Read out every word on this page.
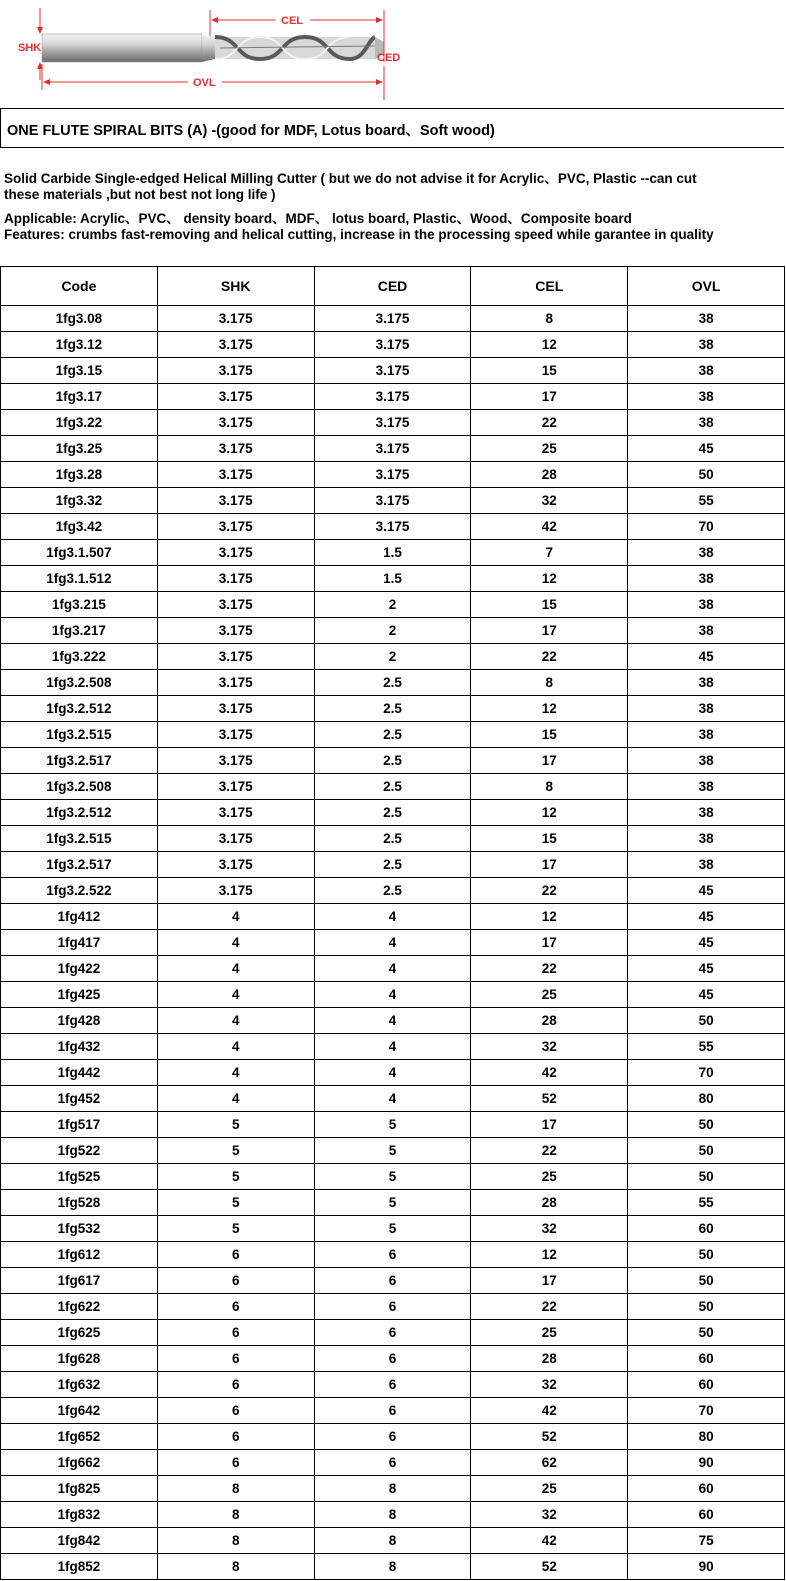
CEL
SHK
CED
OVL
ONE FLUTE SPIRAL BITS (A) -(good for MDF, Lotus board、Soft wood)
Solid Carbide Single-edged Helical Milling Cutter ( but we do not advise it for Acrylic、PVC, Plastic --can cut
these materials ,but not best not long life )
Applicable: Acrylic、PVC、 density board、MDF、 lotus board, Plastic、Wood、Composite board
Features: crumbs fast-removing and helical cutting, increase in the processing speed while garantee in quality
Code	SHK	CED	CEL	OVL
1fg3.08	3.175	3.175	8	38
1fg3.12	3.175	3.175	12	38
1fg3.15	3.175	3.175	15	38
1fg3.17	3.175	3.175	17	38
1fg3.22	3.175	3.175	22	38
1fg3.25	3.175	3.175	25	45
1fg3.28	3.175	3.175	28	50
1fg3.32	3.175	3.175	32	55
1fg3.42	3.175	3.175	42	70
1fg3.1.507	3.175	1.5	7	38
1fg3.1.512	3.175	1.5	12	38
1fg3.215	3.175	2	15	38
1fg3.217	3.175	2	17	38
1fg3.222	3.175	2	22	45
1fg3.2.508	3.175	2.5	8	38
1fg3.2.512	3.175	2.5	12	38
1fg3.2.515	3.175	2.5	15	38
1fg3.2.517	3.175	2.5	17	38
1fg3.2.508	3.175	2.5	8	38
1fg3.2.512	3.175	2.5	12	38
1fg3.2.515	3.175	2.5	15	38
1fg3.2.517	3.175	2.5	17	38
1fg3.2.522	3.175	2.5	22	45
1fg412	4	4	12	45
1fg417	4	4	17	45
1fg422	4	4	22	45
1fg425	4	4	25	45
1fg428	4	4	28	50
1fg432	4	4	32	55
1fg442	4	4	42	70
1fg452	4	4	52	80
1fg517	5	5	17	50
1fg522	5	5	22	50
1fg525	5	5	25	50
1fg528	5	5	28	55
1fg532	5	5	32	60
1fg612	6	6	12	50
1fg617	6	6	17	50
1fg622	6	6	22	50
1fg625	6	6	25	50
1fg628	6	6	28	60
1fg632	6	6	32	60
1fg642	6	6	42	70
1fg652	6	6	52	80
1fg662	6	6	62	90
1fg825	8	8	25	60
1fg832	8	8	32	60
1fg842	8	8	42	75
1fg852	8	8	52	90
